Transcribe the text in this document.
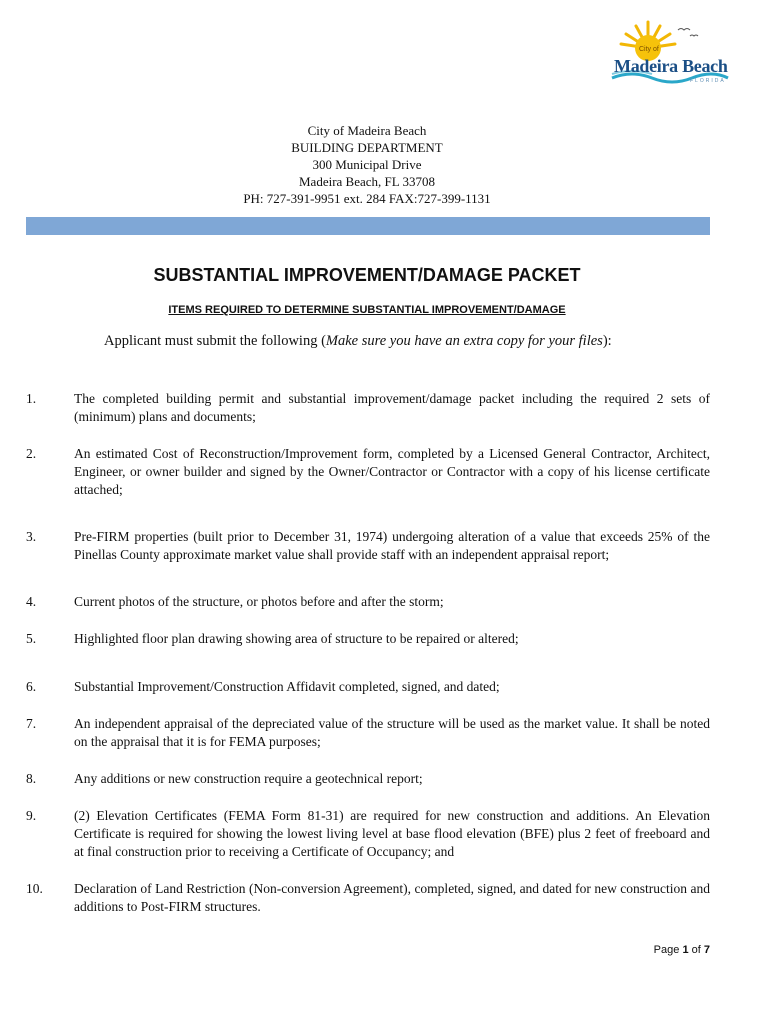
City of
Madeira Beach
FLORIDA
City of Madeira Beach
BUILDING DEPARTMENT
300 Municipal Drive
Madeira Beach, FL 33708
PH: 727-391-9951 ext. 284 FAX:727-399-1131
SUBSTANTIAL IMPROVEMENT/DAMAGE PACKET
ITEMS REQUIRED TO DETERMINE SUBSTANTIAL IMPROVEMENT/DAMAGE
Applicant must submit the following (Make sure you have an extra copy for your files):
1.	The completed building permit and substantial improvement/damage packet including the required 2 sets of (minimum) plans and documents;
2.	An estimated Cost of Reconstruction/Improvement form, completed by a Licensed General Contractor, Architect, Engineer, or owner builder and signed by the Owner/Contractor or Contractor with a copy of his license certificate attached;
3.	Pre-FIRM properties (built prior to December 31, 1974) undergoing alteration of a value that exceeds 25% of the Pinellas County approximate market value shall provide staff with an independent appraisal report;
4.	Current photos of the structure, or photos before and after the storm;
5.	Highlighted floor plan drawing showing area of structure to be repaired or altered;
6.	Substantial Improvement/Construction Affidavit completed, signed, and dated;
7.	An independent appraisal of the depreciated value of the structure will be used as the market value. It shall be noted on the appraisal that it is for FEMA purposes;
8.	Any additions or new construction require a geotechnical report;
9.	(2) Elevation Certificates (FEMA Form 81-31) are required for new construction and additions. An Elevation Certificate is required for showing the lowest living level at base flood elevation (BFE) plus 2 feet of freeboard and at final construction prior to receiving a Certificate of Occupancy; and
10. Declaration of Land Restriction (Non-conversion Agreement), completed, signed, and dated for new construction and additions to Post-FIRM structures.
Page 1 of 7
